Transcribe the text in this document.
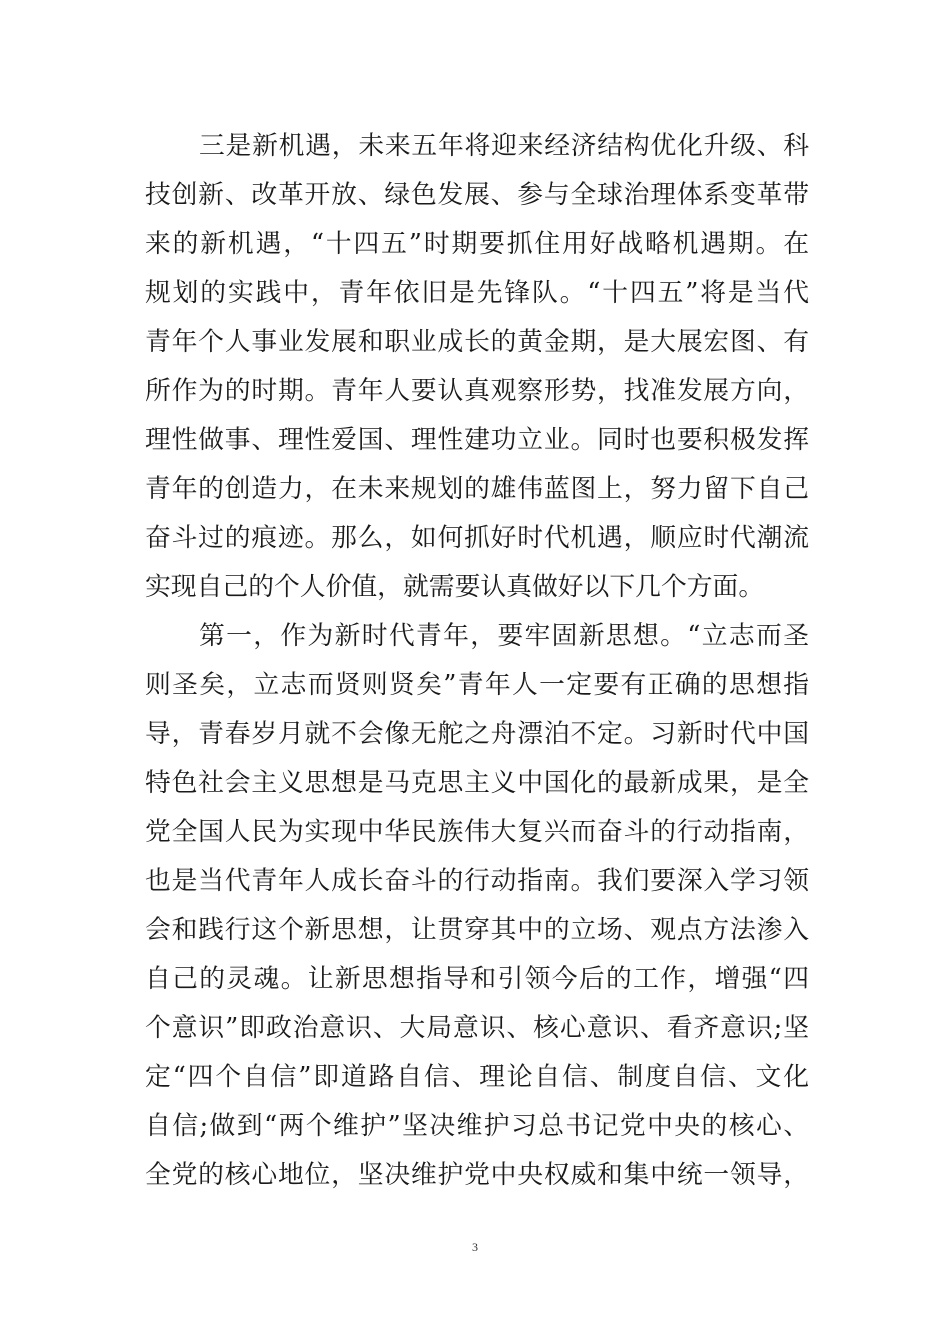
三是新机遇，未来五年将迎来经济结构优化升级、科
技创新、改革开放、绿色发展、参与全球治理体系变革带
来的新机遇，“十四五”时期要抓住用好战略机遇期。在
规划的实践中，青年依旧是先锋队。“十四五”将是当代
青年个人事业发展和职业成长的黄金期，是大展宏图、有
所作为的时期。青年人要认真观察形势，找准发展方向，
理性做事、理性爱国、理性建功立业。同时也要积极发挥
青年的创造力，在未来规划的雄伟蓝图上，努力留下自己
奋斗过的痕迹。那么，如何抓好时代机遇，顺应时代潮流
实现自己的个人价值，就需要认真做好以下几个方面。
第一，作为新时代青年，要牢固新思想。“立志而圣
则圣矣，立志而贤则贤矣”青年人一定要有正确的思想指
导，青春岁月就不会像无舵之舟漂泊不定。习新时代中国
特色社会主义思想是马克思主义中国化的最新成果，是全
党全国人民为实现中华民族伟大复兴而奋斗的行动指南，
也是当代青年人成长奋斗的行动指南。我们要深入学习领
会和践行这个新思想，让贯穿其中的立场、观点方法渗入
自己的灵魂。让新思想指导和引领今后的工作，增强“四
个意识”即政治意识、大局意识、核心意识、看齐意识;坚
定“四个自信”即道路自信、理论自信、制度自信、文化
自信;做到“两个维护”坚决维护习总书记党中央的核心、
全党的核心地位，坚决维护党中央权威和集中统一领导，
3
